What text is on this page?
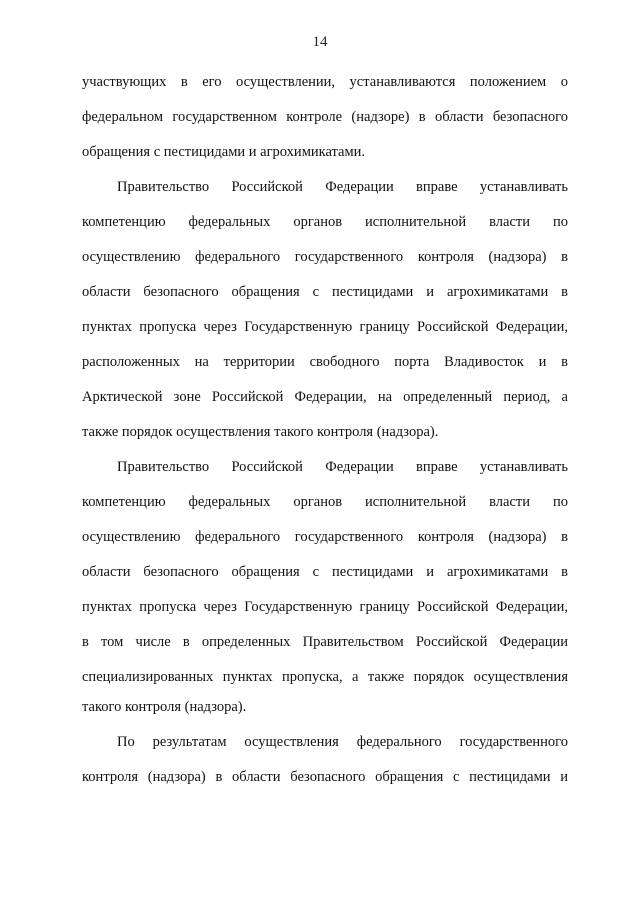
14
участвующих в его осуществлении, устанавливаются положением о
федеральном государственном контроле (надзоре) в области безопасного
обращения с пестицидами и агрохимикатами.
Правительство Российской Федерации вправе устанавливать
компетенцию федеральных органов исполнительной власти по
осуществлению федерального государственного контроля (надзора) в
области безопасного обращения с пестицидами и агрохимикатами в
пунктах пропуска через Государственную границу Российской Федерации,
расположенных на территории свободного порта Владивосток и в
Арктической зоне Российской Федерации, на определенный период, а
также порядок осуществления такого контроля (надзора).
Правительство Российской Федерации вправе устанавливать
компетенцию федеральных органов исполнительной власти по
осуществлению федерального государственного контроля (надзора) в
области безопасного обращения с пестицидами и агрохимикатами в
пунктах пропуска через Государственную границу Российской Федерации,
в том числе в определенных Правительством Российской Федерации
специализированных пунктах пропуска, а также порядок осуществления
такого контроля (надзора).
По результатам осуществления федерального государственного
контроля (надзора) в области безопасного обращения с пестицидами и
